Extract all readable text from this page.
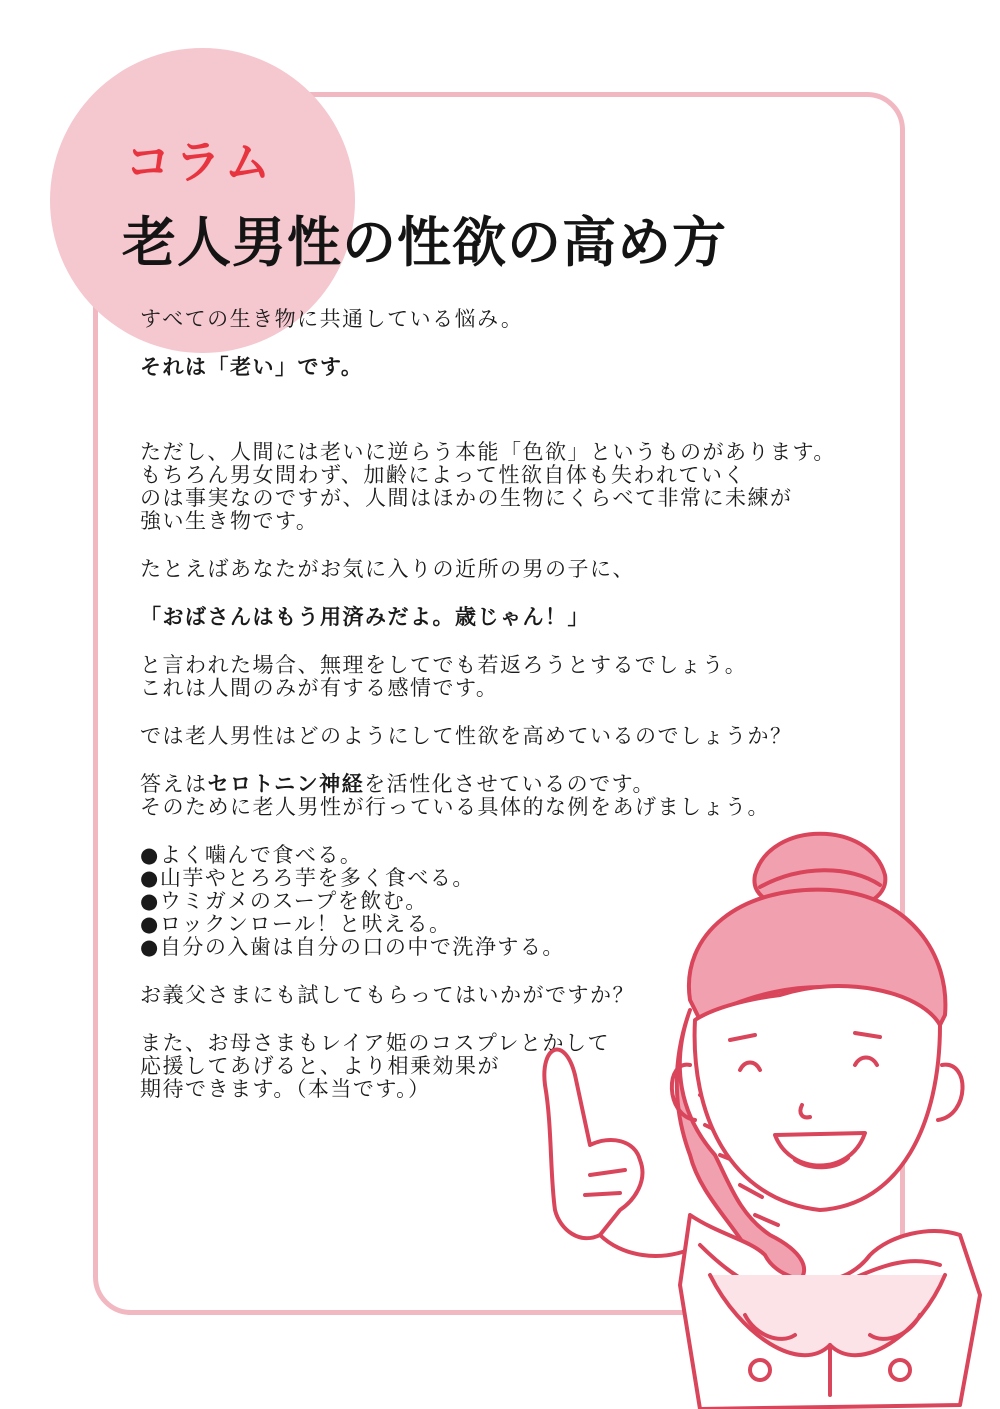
コラム
老人男性の性欲の高め方

すべての生き物に共通している悩み。

それは「老い」です。

ただし、人間には老いに逆らう本能「色欲」というものがあります。
もちろん男女問わず、加齢によって性欲自体も失われていく
のは事実なのですが、人間はほかの生物にくらべて非常に未練が
強い生き物です。

たとえばあなたがお気に入りの近所の男の子に、

「おばさんはもう用済みだよ。歳じゃん！」

と言われた場合、無理をしてでも若返ろうとするでしょう。
これは人間のみが有する感情です。

では老人男性はどのようにして性欲を高めているのでしょうか？

答えはセロトニン神経を活性化させているのです。
そのために老人男性が行っている具体的な例をあげましょう。

●よく噛んで食べる。
●山芋やとろろ芋を多く食べる。
●ウミガメのスープを飲む。
●ロックンロール！と吠える。
●自分の入歯は自分の口の中で洗浄する。

お義父さまにも試してもらってはいかがですか？

また、お母さまもレイア姫のコスプレとかして
応援してあげると、より相乗効果が
期待できます。（本当です。）
